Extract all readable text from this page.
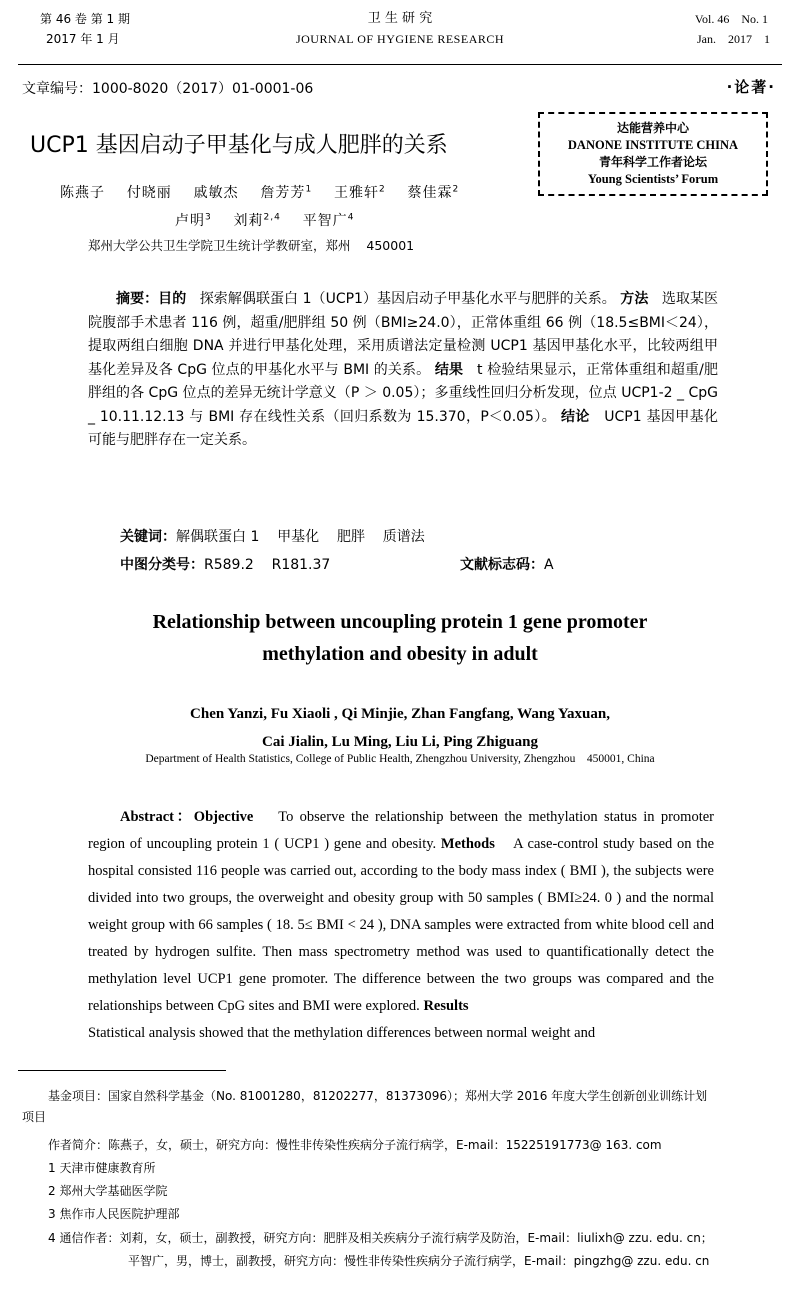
第 46 卷 第 1 期
2017 年 1 月
卫 生 研 究
JOURNAL OF HYGIENE RESEARCH
Vol. 46    No. 1
Jan.    2017    1
文章编号：1000-8020（2017）01-0001-06	·论著·
UCP1 基因启动子甲基化与成人肥胖的关系
达能营养中心
DANONE INSTITUTE CHINA
青年科学工作者论坛
Young Scientists’ Forum
陈燕子 付晓丽 戚敏杰 詹芳芳$^1$ 王雅轩$^2$ 蔡佳霖$^2$
卢明$^3$ 刘莉$^{2,4}$ 平智广$^4$
郑州大学公共卫生学院卫生统计学教研室，郑州    450001
摘要：目的 探索解偶联蛋白 1（UCP1）基因启动子甲基化水平与肥胖的关系。 方法 选取某医院腹部手术患者 116 例，超重/肥胖组 50 例（BMI≥24.0），正常体重组 66 例（18.5≤BMI＜24），提取两组白细胞 DNA 并进行甲基化处理，采用质谱法定量检测 UCP1 基因甲基化水平，比较两组甲基化差异及各 CpG 位点的甲基化水平与 BMI 的关系。 结果 t 检验结果显示，正常体重组和超重/肥胖组的各 CpG 位点的差异无统计学意义（P ＞ 0.05）；多重线性回归分析发现，位点 UCP1-2 _ CpG _ 10.11.12.13 与 BMI 存在线性关系（回归系数为 15.370，P＜0.05）。 结论 UCP1 基因甲基化可能与肥胖存在一定关系。
关键词：解偶联蛋白 1    甲基化    肥胖    质谱法
中图分类号：R589.2    R181.37	文献标志码：A
Relationship between uncoupling protein 1 gene promoter
methylation and obesity in adult
Chen Yanzi, Fu Xiaoli , Qi Minjie, Zhan Fangfang, Wang Yaxuan,
Cai Jialin, Lu Ming, Liu Li, Ping Zhiguang
Department of Health Statistics, College of Public Health, Zhengzhou University, Zhengzhou    450001, China
Abstract：Objective To observe the relationship between the methylation status in promoter region of uncoupling protein 1 ( UCP1 ) gene and obesity. Methods A case-control study based on the hospital consisted 116 people was carried out, according to the body mass index ( BMI ), the subjects were divided into two groups, the overweight and obesity group with 50 samples ( BMI≥24. 0 ) and the normal weight group with 66 samples ( 18. 5≤ BMI < 24 ), DNA samples were extracted from white blood cell and treated by hydrogen sulfite. Then mass spectrometry method was used to quantificationally detect the methylation level UCP1 gene promoter. The difference between the two groups was compared and the relationships between CpG sites and BMI were explored. Results
Statistical analysis showed that the methylation differences between normal weight and
基金项目：国家自然科学基金（No. 81001280，81202277，81373096）；郑州大学 2016 年度大学生创新创业训练计划
项目
作者简介：陈燕子，女，硕士，研究方向：慢性非传染性疾病分子流行病学，E-mail：15225191773@ 163. com
1 天津市健康教育所
2 郑州大学基础医学院
3 焦作市人民医院护理部
4 通信作者：刘莉，女，硕士，副教授，研究方向：肥胖及相关疾病分子流行病学及防治，E-mail：liulixh@ zzu. edu. cn；
平智广，男，博士，副教授，研究方向：慢性非传染性疾病分子流行病学，E-mail：pingzhg@ zzu. edu. cn
